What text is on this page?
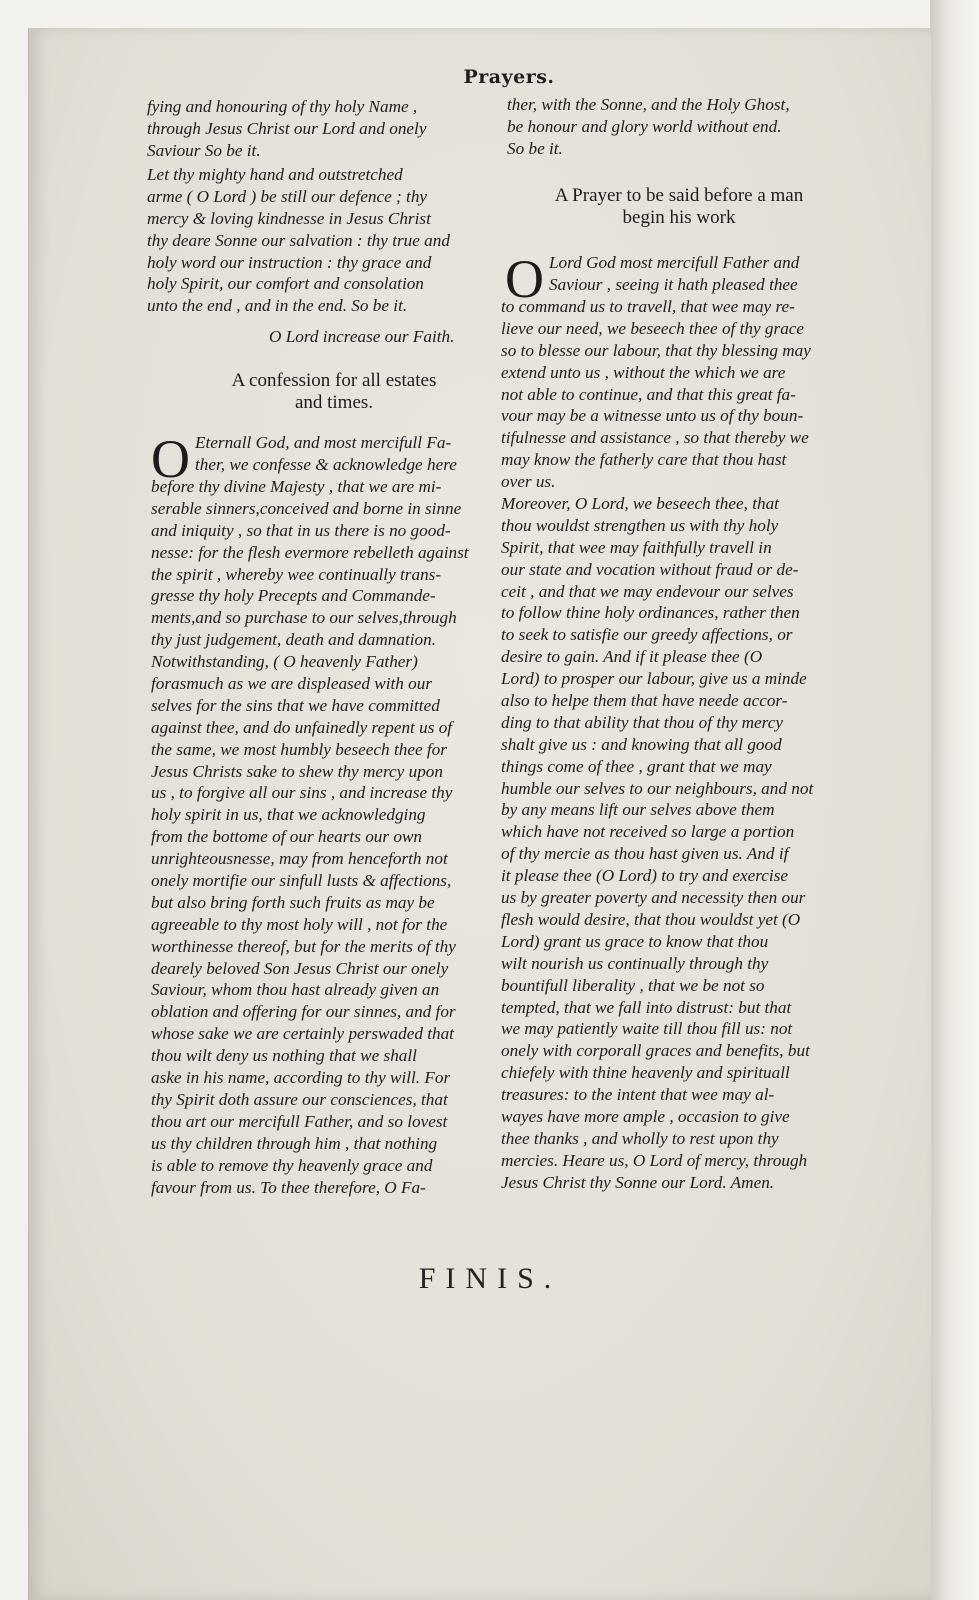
Prayers.
fying and honouring of thy holy Name ,
through Jesus Christ our Lord and onely
Saviour So be it.
ther, with the Sonne, and the Holy Ghost,
be honour and glory world without end.
So be it.
Let thy mighty hand and outstretched
arme ( O Lord ) be still our defence ; thy
mercy & loving kindnesse in Jesus Christ
thy deare Sonne our salvation : thy true and
holy word our instruction : thy grace and
holy Spirit, our comfort and consolation
unto the end , and in the end. So be it.
O Lord increase our Faith.
A confession for all estates
and times.
O Eternall God, and most mercifull Fa-
ther, we confesse & acknowledge here
before thy divine Majesty , that we are mi-
serable sinners,conceived and borne in sinne
and iniquity , so that in us there is no good-
nesse: for the flesh evermore rebelleth against
the spirit , whereby wee continually trans-
gresse thy holy Precepts and Commande-
ments,and so purchase to our selves,through
thy just judgement, death and damnation.
Notwithstanding, ( O heavenly Father)
forasmuch as we are displeased with our
selves for the sins that we have committed
against thee, and do unfainedly repent us of
the same, we most humbly beseech thee for
Jesus Christs sake to shew thy mercy upon
us , to forgive all our sins , and increase thy
holy spirit in us, that we acknowledging
from the bottome of our hearts our own
unrighteousnesse, may from henceforth not
onely mortifie our sinfull lusts & affections,
but also bring forth such fruits as may be
agreeable to thy most holy will , not for the
worthinesse thereof, but for the merits of thy
dearely beloved Son Jesus Christ our onely
Saviour, whom thou hast already given an
oblation and offering for our sinnes, and for
whose sake we are certainly perswaded that
thou wilt deny us nothing that we shall
aske in his name, according to thy will. For
thy Spirit doth assure our consciences, that
thou art our mercifull Father, and so lovest
us thy children through him , that nothing
is able to remove thy heavenly grace and
favour from us. To thee therefore, O Fa-
A Prayer to be said before a man
begin his work
O Lord God most mercifull Father and
Saviour , seeing it hath pleased thee
to command us to travell, that wee may re-
lieve our need, we beseech thee of thy grace
so to blesse our labour, that thy blessing may
extend unto us , without the which we are
not able to continue, and that this great fa-
vour may be a witnesse unto us of thy boun-
tifulnesse and assistance , so that thereby we
may know the fatherly care that thou hast
over us.
Moreover, O Lord, we beseech thee, that
thou wouldst strengthen us with thy holy
Spirit, that wee may faithfully travell in
our state and vocation without fraud or de-
ceit , and that we may endevour our selves
to follow thine holy ordinances, rather then
to seek to satisfie our greedy affections, or
desire to gain. And if it please thee (O
Lord) to prosper our labour, give us a minde
also to helpe them that have neede accor-
ding to that ability that thou of thy mercy
shalt give us : and knowing that all good
things come of thee , grant that we may
humble our selves to our neighbours, and not
by any means lift our selves above them
which have not received so large a portion
of thy mercie as thou hast given us. And if
it please thee (O Lord) to try and exercise
us by greater poverty and necessity then our
flesh would desire, that thou wouldst yet (O
Lord) grant us grace to know that thou
wilt nourish us continually through thy
bountifull liberality , that we be not so
tempted, that we fall into distrust: but that
we may patiently waite till thou fill us: not
onely with corporall graces and benefits, but
chiefely with thine heavenly and spirituall
treasures: to the intent that wee may al-
wayes have more ample , occasion to give
thee thanks , and wholly to rest upon thy
mercies. Heare us, O Lord of mercy, through
Jesus Christ thy Sonne our Lord. Amen.
FINIS.
